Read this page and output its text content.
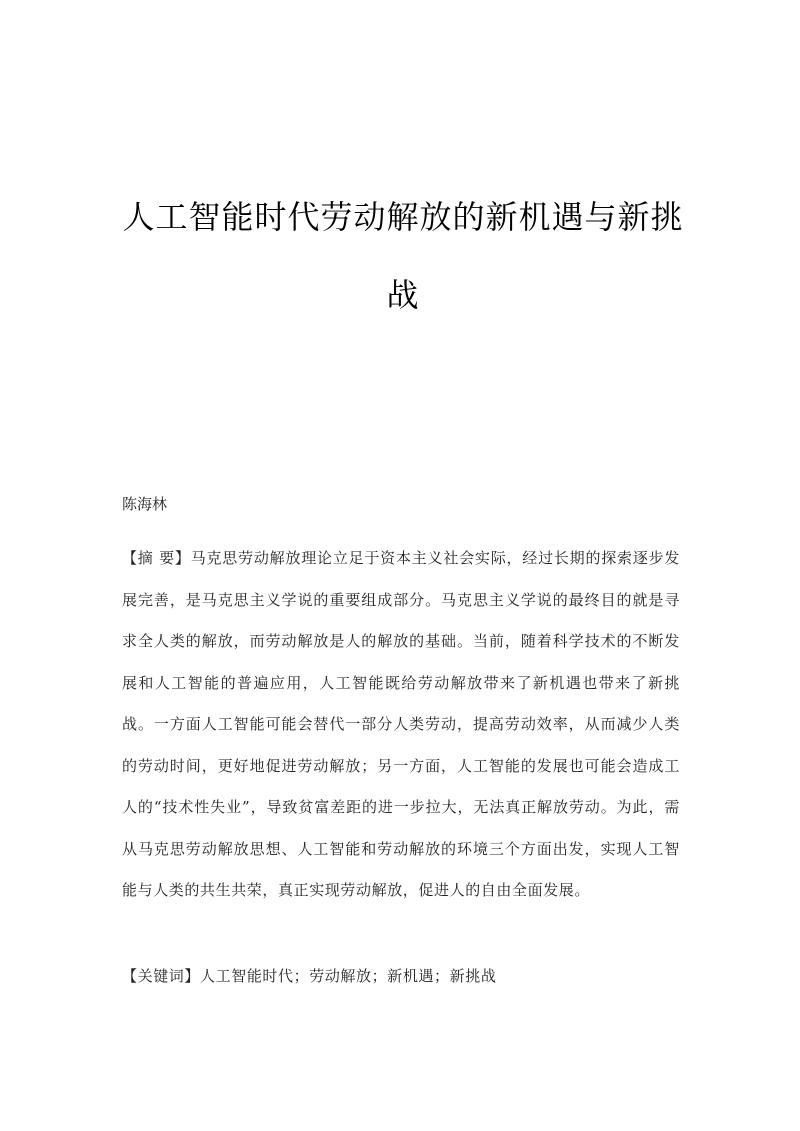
人工智能时代劳动解放的新机遇与新挑战
陈海林

【摘 要】马克思劳动解放理论立足于资本主义社会实际，经过长期的探索逐步发展完善，是马克思主义学说的重要组成部分。马克思主义学说的最终目的就是寻求全人类的解放，而劳动解放是人的解放的基础。当前，随着科学技术的不断发展和人工智能的普遍应用，人工智能既给劳动解放带来了新机遇也带来了新挑战。一方面人工智能可能会替代一部分人类劳动，提高劳动效率，从而减少人类的劳动时间，更好地促进劳动解放；另一方面，人工智能的发展也可能会造成工人的“技术性失业”，导致贫富差距的进一步拉大，无法真正解放劳动。为此，需从马克思劳动解放思想、人工智能和劳动解放的环境三个方面出发，实现人工智能与人类的共生共荣，真正实现劳动解放，促进人的自由全面发展。

【关键词】人工智能时代；劳动解放；新机遇；新挑战
